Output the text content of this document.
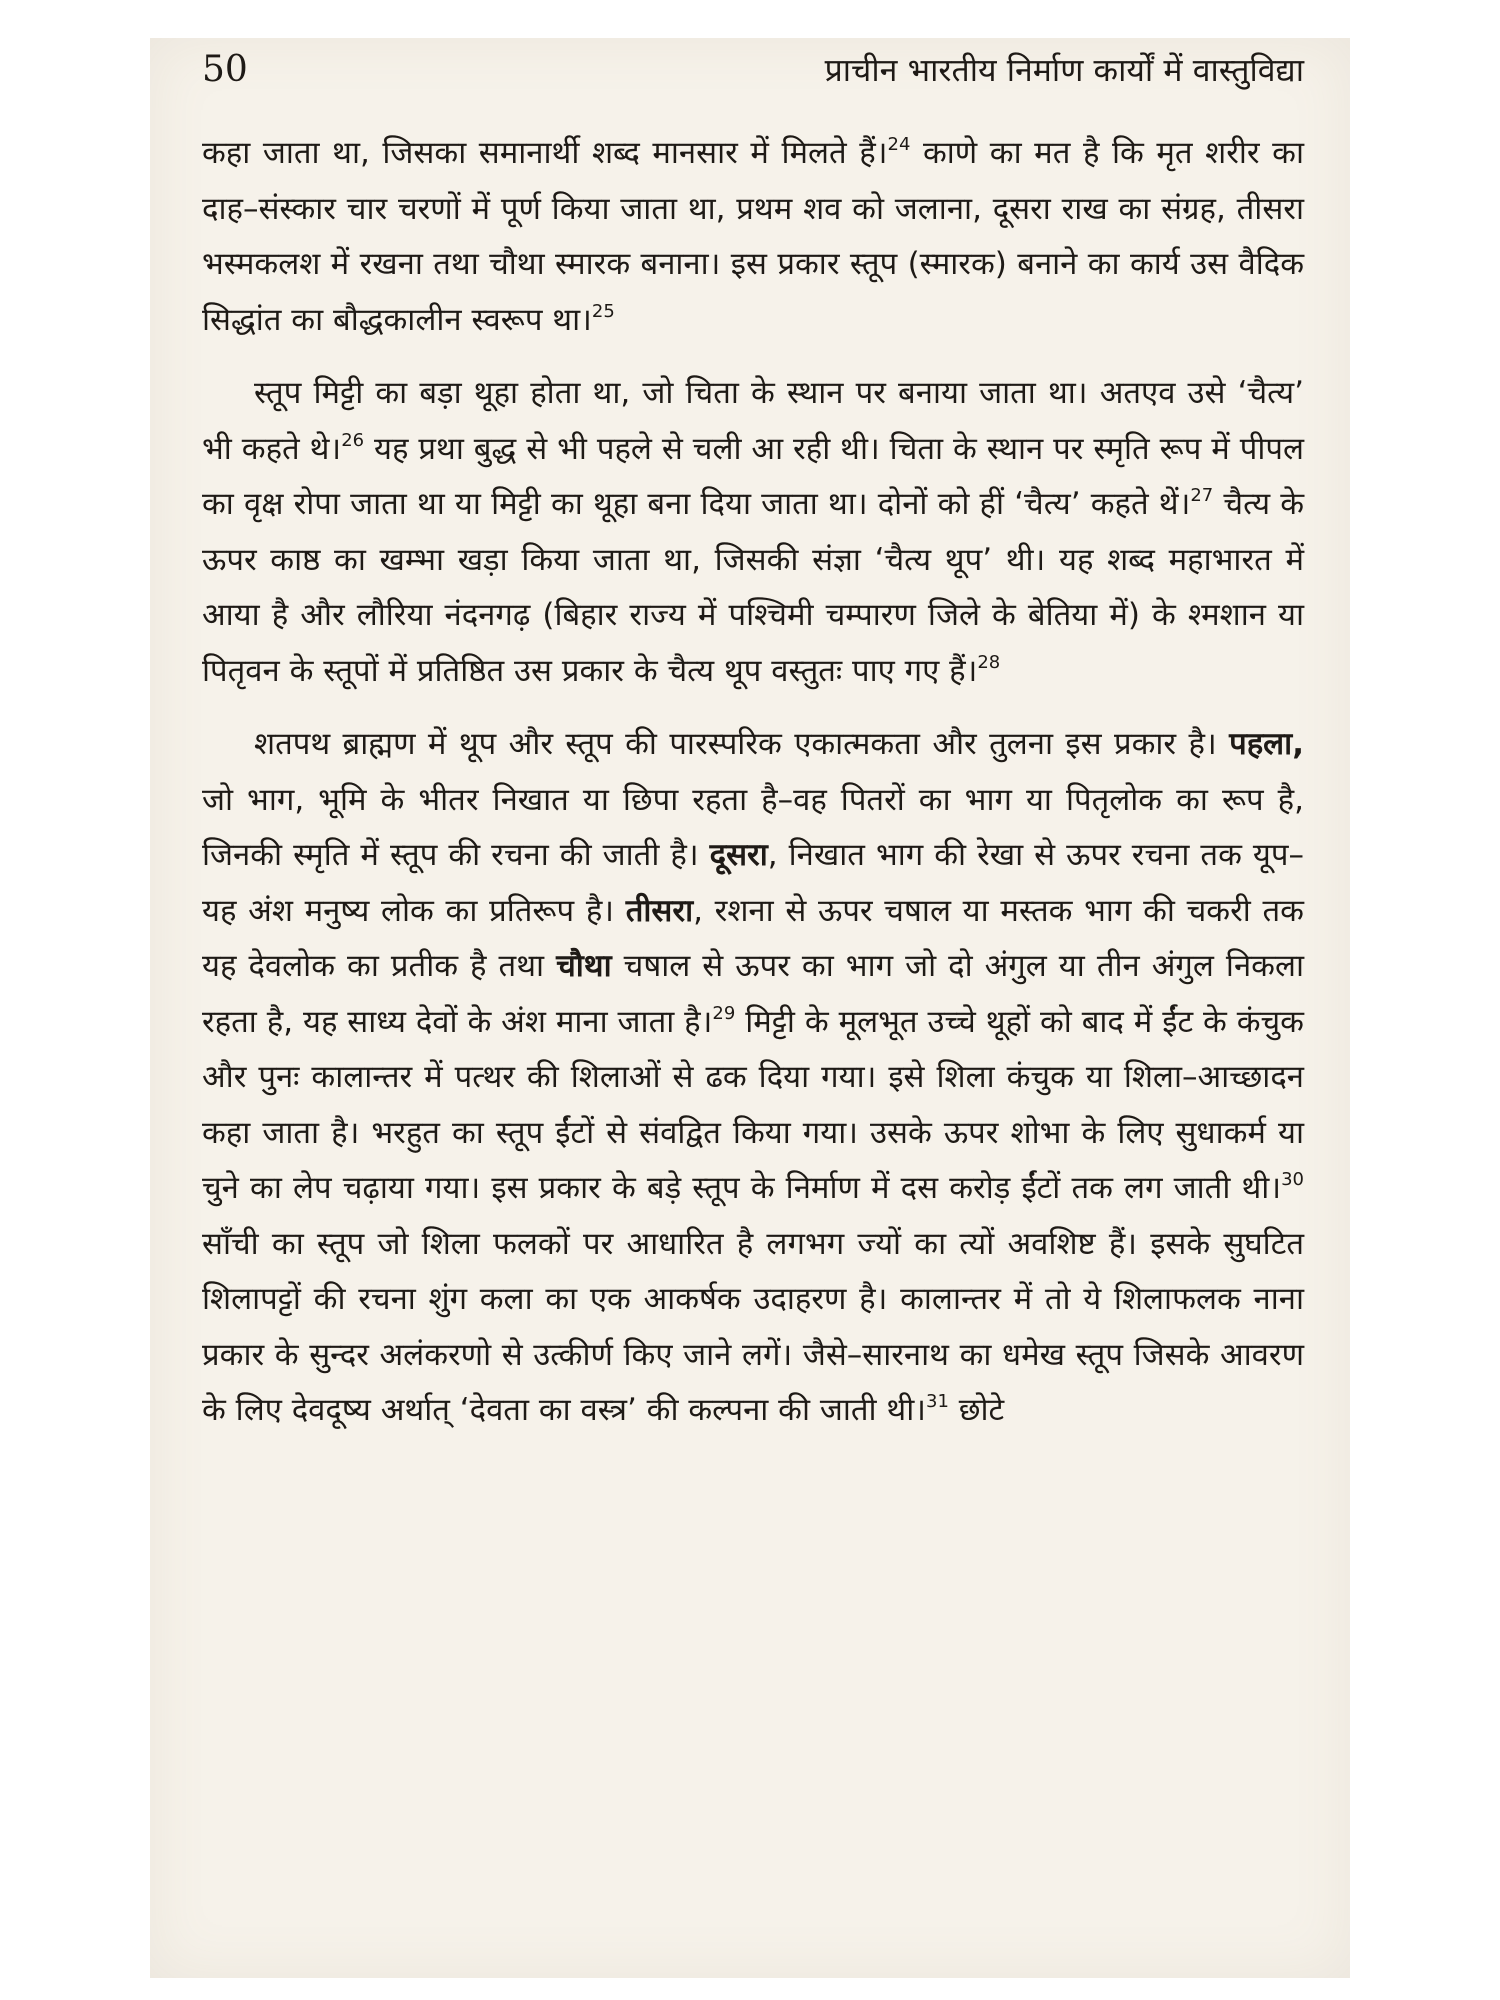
50	प्राचीन भारतीय निर्माण कार्यों में वास्तुविद्या

कहा जाता था, जिसका समानार्थी शब्द मानसार में मिलते हैं।$^{24}$ काणे का मत है कि मृत शरीर का दाह–संस्कार चार चरणों में पूर्ण किया जाता था, प्रथम शव को जलाना, दूसरा राख का संग्रह, तीसरा भस्मकलश में रखना तथा चौथा स्मारक बनाना। इस प्रकार स्तूप (स्मारक) बनाने का कार्य उस वैदिक सिद्धांत का बौद्धकालीन स्वरूप था।$^{25}$

स्तूप मिट्टी का बड़ा थूहा होता था, जो चिता के स्थान पर बनाया जाता था। अतएव उसे ‘चैत्य’ भी कहते थे।$^{26}$ यह प्रथा बुद्ध से भी पहले से चली आ रही थी। चिता के स्थान पर स्मृति रूप में पीपल का वृक्ष रोपा जाता था या मिट्टी का थूहा बना दिया जाता था। दोनों को हीं ‘चैत्य’ कहते थें।$^{27}$ चैत्य के ऊपर काष्ठ का खम्भा खड़ा किया जाता था, जिसकी संज्ञा ‘चैत्य थूप’ थी। यह शब्द महाभारत में आया है और लौरिया नंदनगढ़ (बिहार राज्य में पश्चिमी चम्पारण जिले के बेतिया में) के श्मशान या पितृवन के स्तूपों में प्रतिष्ठित उस प्रकार के चैत्य थूप वस्तुतः पाए गए हैं।$^{28}$

शतपथ ब्राह्मण में थूप और स्तूप की पारस्परिक एकात्मकता और तुलना इस प्रकार है। पहला, जो भाग, भूमि के भीतर निखात या छिपा रहता है–वह पितरों का भाग या पितृलोक का रूप है, जिनकी स्मृति में स्तूप की रचना की जाती है। दूसरा, निखात भाग की रेखा से ऊपर रचना तक यूप–यह अंश मनुष्य लोक का प्रतिरूप है। तीसरा, रशना से ऊपर चषाल या मस्तक भाग की चकरी तक यह देवलोक का प्रतीक है तथा चौथा चषाल से ऊपर का भाग जो दो अंगुल या तीन अंगुल निकला रहता है, यह साध्य देवों के अंश माना जाता है।$^{29}$ मिट्टी के मूलभूत उच्चे थूहों को बाद में ईंट के कंचुक और पुनः कालान्तर में पत्थर की शिलाओं से ढक दिया गया। इसे शिला कंचुक या शिला–आच्छादन कहा जाता है। भरहुत का स्तूप ईंटों से संवद्वित किया गया। उसके ऊपर शोभा के लिए सुधाकर्म या चुने का लेप चढ़ाया गया। इस प्रकार के बड़े स्तूप के निर्माण में दस करोड़ ईंटों तक लग जाती थी।$^{30}$ साँची का स्तूप जो शिला फलकों पर आधारित है लगभग ज्यों का त्यों अवशिष्ट हैं। इसके सुघटित शिलापट्टों की रचना शुंग कला का एक आकर्षक उदाहरण है। कालान्तर में तो ये शिलाफलक नाना प्रकार के सुन्दर अलंकरणो से उत्कीर्ण किए जाने लगें। जैसे–सारनाथ का धमेख स्तूप जिसके आवरण के लिए देवदूष्य अर्थात् ‘देवता का वस्त्र’ की कल्पना की जाती थी।$^{31}$ छोटे
